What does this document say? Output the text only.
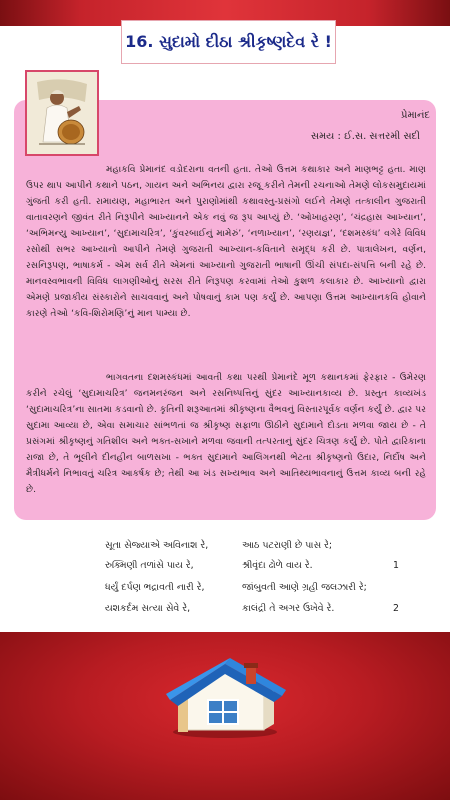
16. સુદામો દીઠા શ્રીકૃષ્ણદેવ રે !
પ્રેમાનંદ
સમય : ઈ.સ. સત્તરમી સદી

મહાકવિ પ્રેમાનંદ વડોદરાના વતની હતા. તેઓ ઉત્તમ કથાકાર અને માણભટ્ટ હતા. માણ ઉપર થાપ આપીને કથાને પઠન, ગાયન અને અભિનય દ્વારા રજૂ કરીને તેમની રચનાઓ તેમણે લોકસમુદાયમાં ગુંજતી કરી હતી. રામાયણ, મહાભારત અને પુરાણોમાંથી કથાવસ્તુ-પ્રસંગો લઈને તેમણે તત્કાલીન ગુજરાતી વાતાવરણને જીવંત રીતે નિરૂપીને આખ્યાનને એક નવું જ રૂપ આપ્યું છે. ‘ઓખાહરણ’, ‘ચંદ્રહાસ આખ્યાન’, ‘અભિમન્યુ આખ્યાન’, ‘સુદામાચરિત્ર’, ‘કુંવરબાઈનું મામેરું’, ‘નળાખ્યાન’, ‘રણયજ્ઞ’, ‘દશમસ્કંધ’ વગેરે વિવિધ રસોથી સભર આખ્યાનો આપીને તેમણે ગુજરાતી આખ્યાન-કવિતાને સમૃદ્ધ કરી છે. પાત્રાલેખન, વર્ણન, રસનિરૂપણ, ભાષાકર્મ - એમ સર્વ રીતે એમનાં આખ્યાનો ગુજરાતી ભાષાની ઊંચી સંપદા-સંપત્તિ બની રહે છે. માનવસ્વભાવની વિવિધ લાગણીઓનું સરસ રીતે નિરૂપણ કરવામાં તેઓ કુશળ કલાકાર છે. આખ્યાનો દ્વારા એમણે પ્રજાકીય સંસ્કારોને સાચવવાનું અને પોષવાનું કામ પણ કર્યું છે. આપણા ઉત્તમ આખ્યાનકવિ હોવાને કારણે તેઓ ‘કવિ-શિરોમણિ’નું માન પામ્યા છે.

ભાગવતના દશમસ્કંધમાં આવતી કથા પરથી પ્રેમાનંદે મૂળ કથાનકમાં ફેરફાર - ઉમેરણ કરીને રચેલું ‘સુદામાચરિત્ર’ જનમનરંજન અને રસનિષ્પત્તિનું સુંદર આખ્યાનકાવ્ય છે. પ્રસ્તુત કાવ્યખંડ ‘સુદામાચરિત્ર’ના સાતમા કડવાનો છે. કૃતિની શરૂઆતમાં શ્રીકૃષ્ણના વૈભવનું વિસ્તારપૂર્વક વર્ણન કર્યું છે. દ્વાર પર સુદામા આવ્યા છે, એવા સમાચાર સાંભળતાં જ શ્રીકૃષ્ણ સફાળા ઊઠીને સુદામાને દોડતા મળવા જાય છે - તે પ્રસંગમાં શ્રીકૃષ્ણનું ગતિશીલ અને ભક્ત-સખાને મળવા જવાની તત્પરતાનું સુંદર ચિત્રણ કર્યું છે. પોતે દ્વારિકાના રાજા છે, તે ભૂલીને દીનહીન બાળસખા - ભક્ત સુદામાને આલિંગનથી ભેટતા શ્રીકૃષ્ણનો ઉદાર, નિર્દોષ અને મૈત્રીધર્મને નિભાવતું ચરિત્ર આકર્ષક છે; તેથી આ ખંડ સખ્યભાવ અને આતિથ્યભાવનાનું ઉત્તમ કાવ્ય બની રહે છે.

સૂતા સેજ્યાએ અવિનાશ રે,	આઠ પટરાણી છે પાસ રે;
રુક્મિણી તળાંસે પાય રે,	શ્રીવૃંદા ઢોળે વાય રે.	1
ધર્યું દર્પણ ભદ્રાવતી નારી રે,	જાંબુવતી આણે ગ્રહી જલઝારી રે;
યશકર્દમ સત્યા સેવે રે,	કાલંદ્રી તે અગર ઉખેવે રે.	2
